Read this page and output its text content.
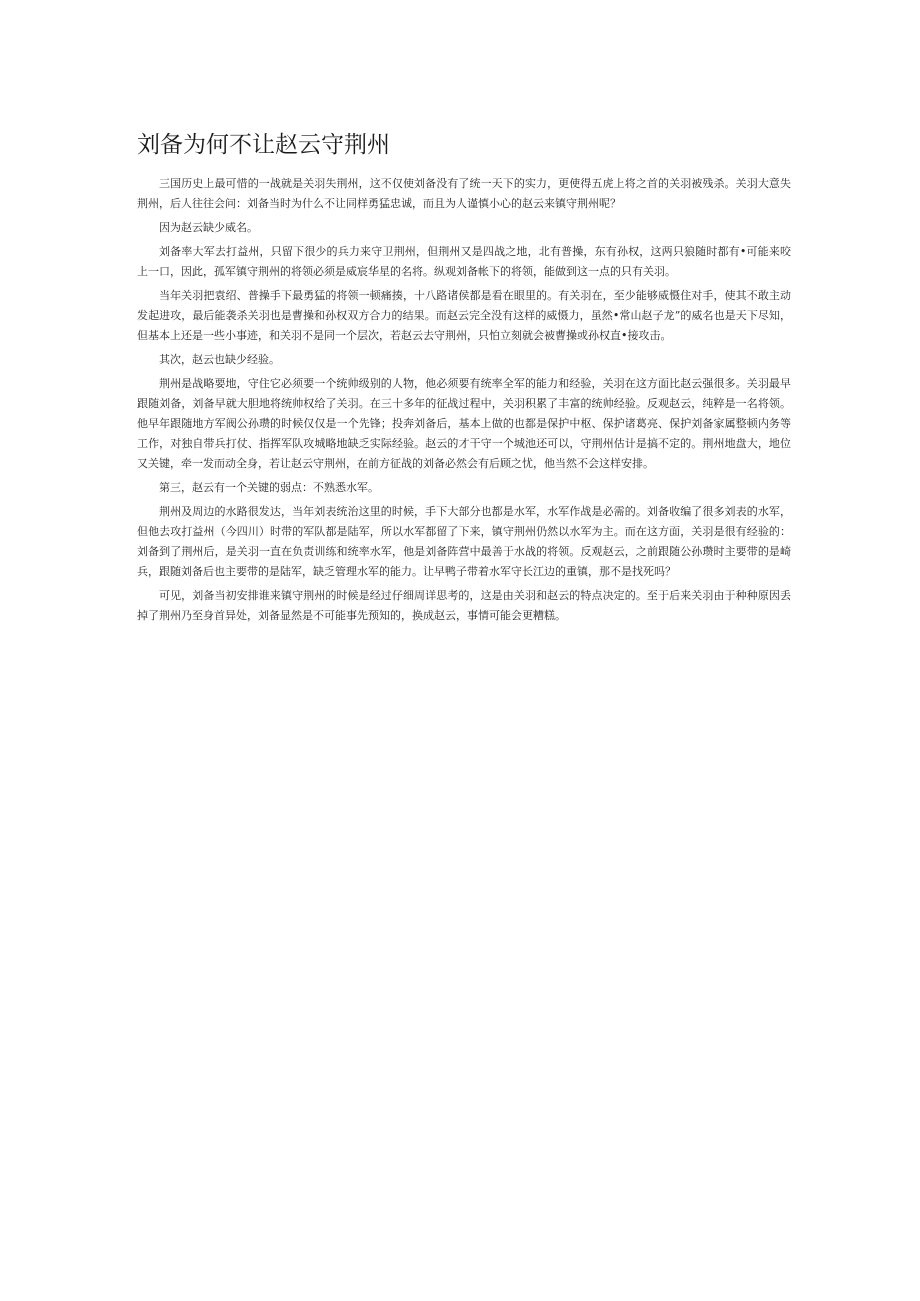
刘备为何不让赵云守荆州

三国历史上最可惜的一战就是关羽失荆州，这不仅使刘备没有了统一天下的实力，更使得五虎上将之首的关羽被残杀。关羽大意失荆州，后人往往会问：刘备当时为什么不让同样勇猛忠诚，而且为人谨慎小心的赵云来镇守荆州呢？

因为赵云缺少威名。

刘备率大军去打益州，只留下很少的兵力来守卫荆州，但荆州又是四战之地，北有普操，东有孙权，这两只狼随时都有•可能来咬上一口，因此，孤军镇守荆州的将领必须是威宸华星的名将。纵观刘备帐下的将领，能做到这一点的只有关羽。

当年关羽把袁绍、普操手下最勇猛的将领一顿痛揍，十八路诸侯都是看在眼里的。有关羽在，至少能够威慑住对手，使其不敢主动发起进攻，最后能袭杀关羽也是曹操和孙权双方合力的结果。而赵云完全没有这样的威慑力，虽然•常山赵子龙”的威名也是天下尽知，但基本上还是一些小事迹，和关羽不是同一个层次，若赵云去守荆州，只怕立刻就会被曹操或孙权直•接攻击。

其次，赵云也缺少经验。

荆州是战略要地，守住它必须要一个统帅级别的人物，他必须要有统率全军的能力和经验，关羽在这方面比赵云强很多。关羽最早跟随刘备，刘备早就大胆地将统帅权给了关羽。在三十多年的征战过程中，关羽积累了丰富的统帅经验。反观赵云，纯粹是一名将领。他早年跟随地方军阀公孙瓒的时候仅仅是一个先锋；投奔刘备后，基本上做的也都是保护中枢、保护诸葛亮、保护刘备家属整顿内务等工作，对独自带兵打仗、指挥军队攻城略地缺乏实际经验。赵云的才干守一个城池还可以，守荆州估计是搞不定的。荆州地盘大，地位又关键，牵一发而动全身，若让赵云守荆州，在前方征战的刘备必然会有后顾之忧，他当然不会这样安排。

第三，赵云有一个关键的弱点：不熟悉水军。

荆州及周边的水路很发达，当年刘表统治这里的时候，手下大部分也都是水军，水军作战是必需的。刘备收编了很多刘表的水军，但他去攻打益州（今四川）时带的军队都是陆军，所以水军都留了下来，镇守荆州仍然以水军为主。而在这方面，关羽是很有经验的：刘备到了荆州后，是关羽一直在负责训练和统率水军，他是刘备阵营中最善于水战的将领。反观赵云，之前跟随公孙瓒时主要带的是崎兵，跟随刘备后也主要带的是陆军，缺乏管理水军的能力。让早鸭子带着水军守长江边的重镇，那不是找死吗？

可见，刘备当初安排谁来镇守荆州的时候是经过仔细周详思考的，这是由关羽和赵云的特点决定的。至于后来关羽由于种种原因丢掉了荆州乃至身首异处，刘备显然是不可能事先预知的，换成赵云，事情可能会更糟糕。
